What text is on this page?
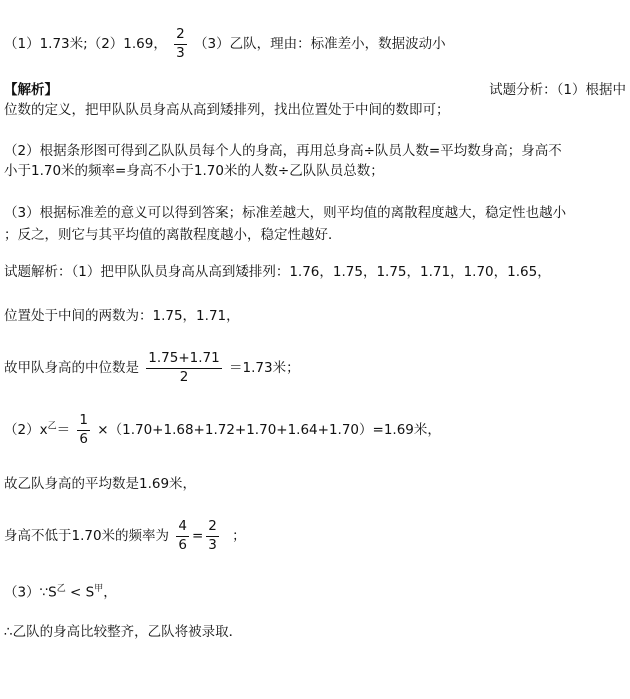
（1）1.73米;（2）1.69， $\frac{2}{3} (3)$乙队，理由：标准差小，数据波动小
【解析】	试题分析：（1）根据中
位数的定义，把甲队队员身高从高到矮排列，找出位置处于中间的数即可；
（2）根据条形图可得到乙队队员每个人的身高，再用总身高÷队员人数=平均数身高；身高不
小于1.70米的频率=身高不小于1.70米的人数÷乙队队员总数；
（3）根据标准差的意义可以得到答案；标准差越大，则平均值的离散程度越大，稳定性也越小
；反之，则它与其平均值的离散程度越小，稳定性越好．
试题解析：（1）把甲队队员身高从高到矮排列：1.76，1.75，1.75，1.71，1.70，1.65，
位置处于中间的两数为：1.75，1.71，
故甲队身高的中位数是 $\frac{1.75+1.71}{2} =1.73$米；
$(2)x^乙= \frac{1}{6} \times(1.70+1.68+1.72+1.70+1.64+1.70)=1.69$米，
故乙队身高的平均数是1.69米，
身高不低于1.70米的频率为 $\frac{4}{6} = \frac{2}{3}$ ；
$(3)\because S^乙 < S^甲$，
∴乙队的身高比较整齐，乙队将被录取．
